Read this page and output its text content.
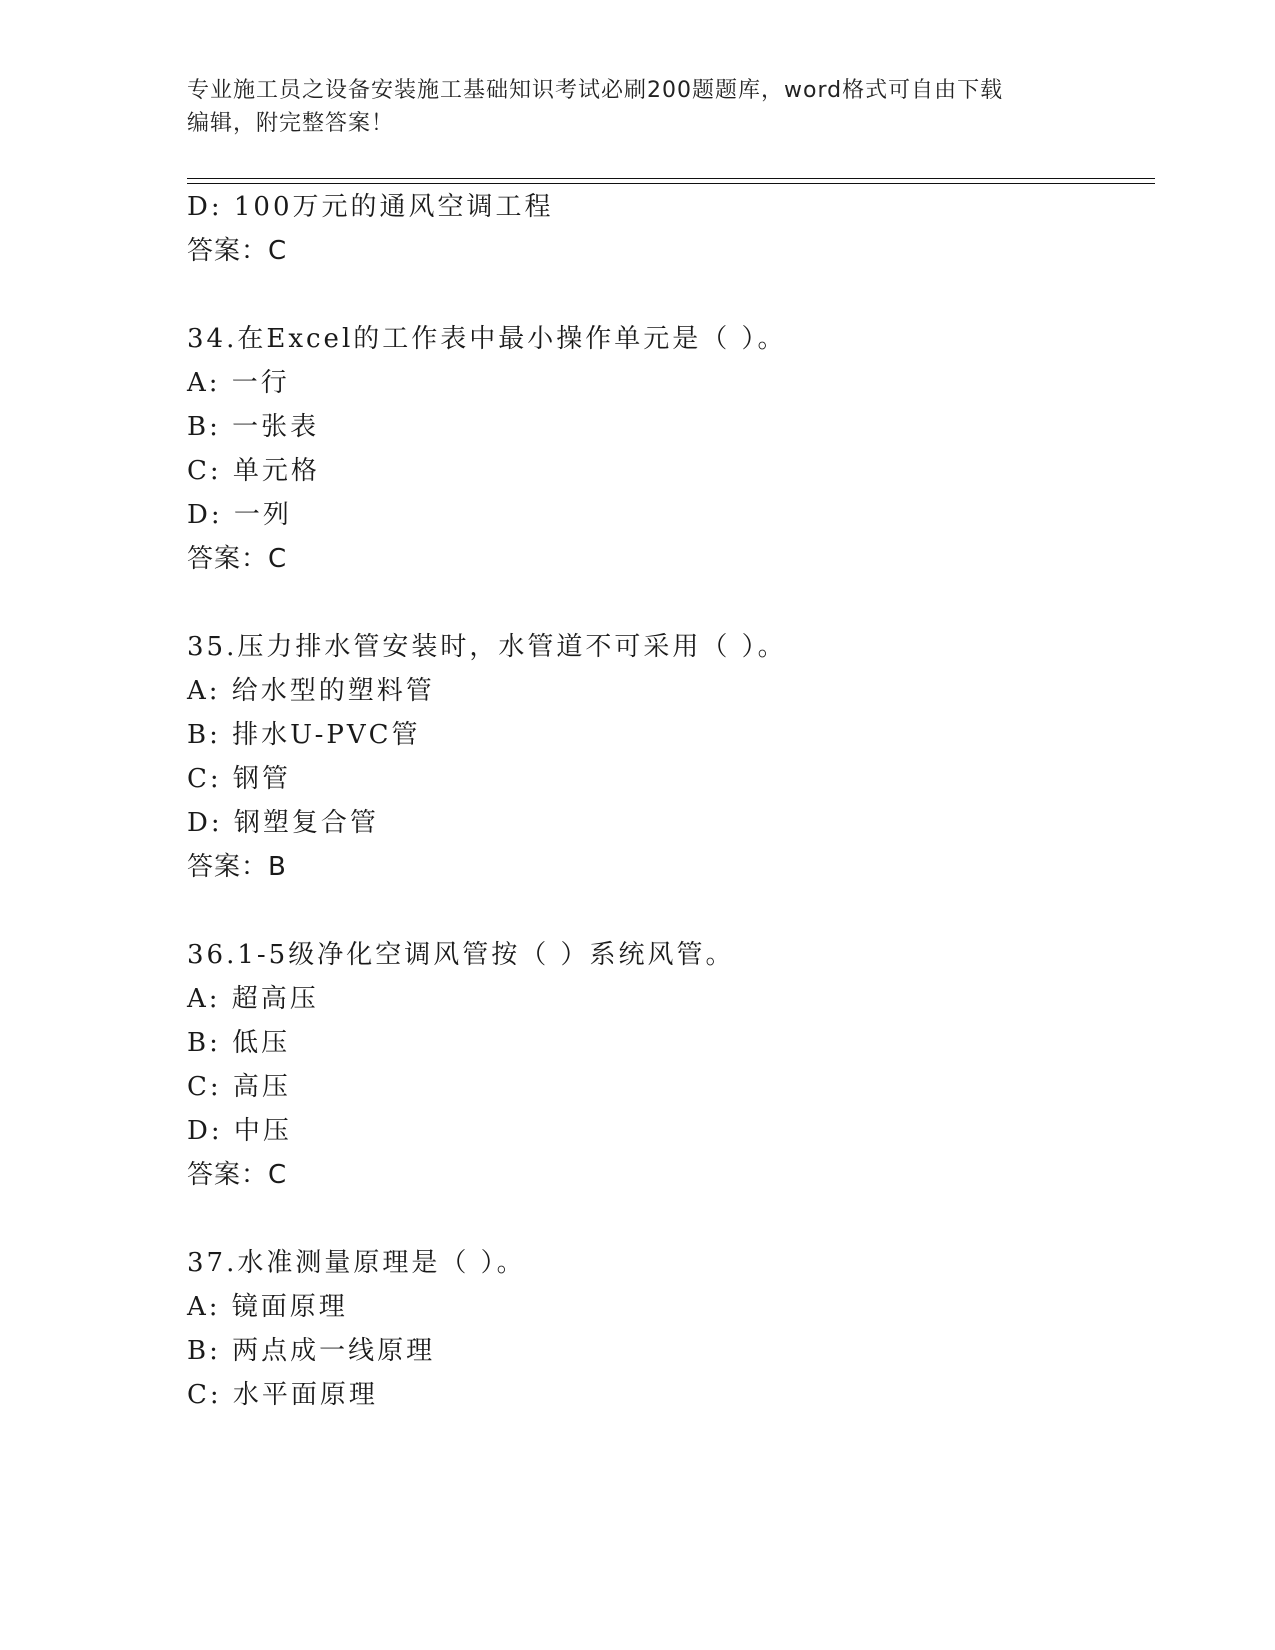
专业施工员之设备安装施工基础知识考试必刷200题题库，word格式可自由下载
编辑，附完整答案！
D: 100万元的通风空调工程
答案：C
34.在Excel的工作表中最小操作单元是（ ）。
A: 一行
B: 一张表
C: 单元格
D: 一列
答案：C
35.压力排水管安装时，水管道不可采用（ ）。
A: 给水型的塑料管
B: 排水U-PVC管
C: 钢管
D: 钢塑复合管
答案：B
36.1-5级净化空调风管按（ ）系统风管。
A: 超高压
B: 低压
C: 高压
D: 中压
答案：C
37.水准测量原理是（ ）。
A: 镜面原理
B: 两点成一线原理
C: 水平面原理
